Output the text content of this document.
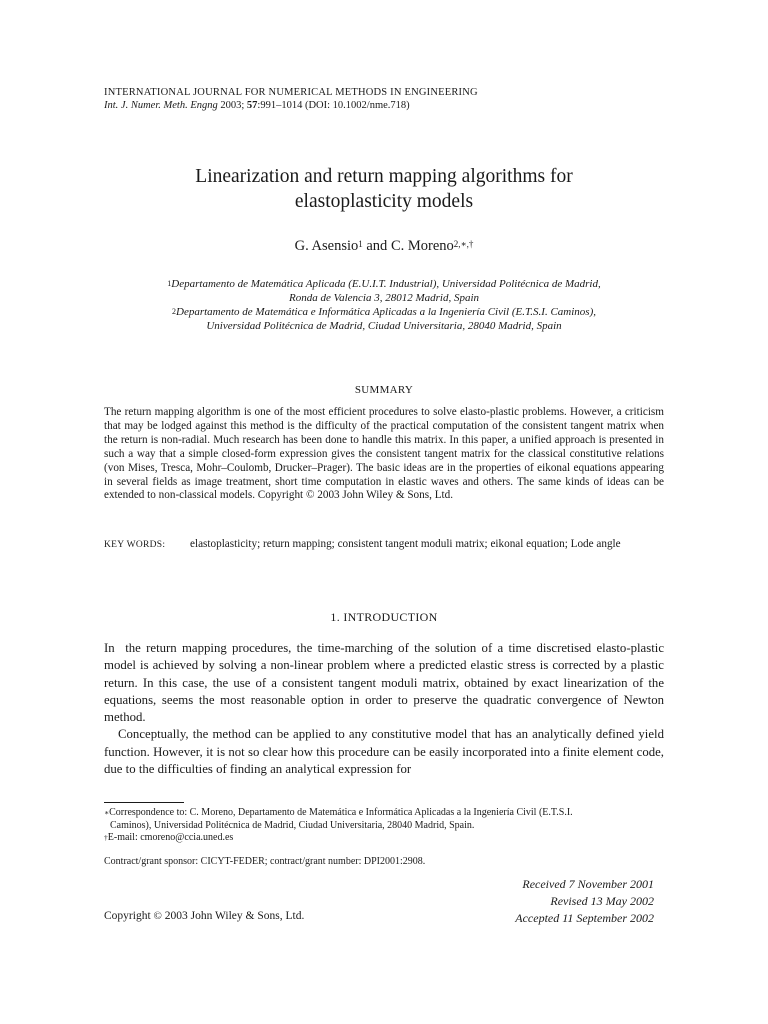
INTERNATIONAL JOURNAL FOR NUMERICAL METHODS IN ENGINEERING
Int. J. Numer. Meth. Engng 2003; 57:991–1014 (DOI: 10.1002/nme.718)
Linearization and return mapping algorithms for
elastoplasticity models
G. Asensio$^1$ and C. Moreno$^{2,∗,\dagger}$
$^1$Departamento de Matemática Aplicada (E.U.I.T. Industrial), Universidad Politécnica de Madrid,
Ronda de Valencia 3, 28012 Madrid, Spain
$^2$Departamento de Matemática e Informática Aplicadas a la Ingeniería Civil (E.T.S.I. Caminos),
Universidad Politécnica de Madrid, Ciudad Universitaria, 28040 Madrid, Spain
SUMMARY
The return mapping algorithm is one of the most efficient procedures to solve elasto-plastic problems. However, a criticism that may be lodged against this method is the difficulty of the practical computation of the consistent tangent matrix when the return is non-radial. Much research has been done to handle this matrix. In this paper, a unified approach is presented in such a way that a simple closed-form expression gives the consistent tangent matrix for the classical constitutive relations (von Mises, Tresca, Mohr–Coulomb, Drucker–Prager). The basic ideas are in the properties of eikonal equations appearing in several fields as image treatment, short time computation in elastic waves and others. The same kinds of ideas can be extended to non-classical models. Copyright © 2003 John Wiley & Sons, Ltd.
KEY WORDS: elastoplasticity; return mapping; consistent tangent moduli matrix; eikonal equation; Lode angle
1. INTRODUCTION

In  the return mapping procedures, the time-marching of the solution of a time discretised elasto-plastic model is achieved by solving a non-linear problem where a predicted elastic stress is corrected by a plastic return. In this case, the use of a consistent tangent moduli matrix, obtained by exact linearization of the equations, seems the most reasonable option in order to preserve the quadratic convergence of Newton method.

Conceptually, the method can be applied to any constitutive model that has an analytically defined yield function. However, it is not so clear how this procedure can be easily incorporated into a finite element code, due to the difficulties of finding an analytical expression for

∗Correspondence to: C. Moreno, Departamento de Matemática e Informática Aplicadas a la Ingeniería Civil (E.T.S.I.

Caminos), Universidad Politécnica de Madrid, Ciudad Universitaria, 28040 Madrid, Spain.

†E-mail: cmoreno@ccia.uned.es

Contract/grant sponsor: CICYT-FEDER; contract/grant number: DPI2001:2908.
Received 7 November 2001
Revised 13 May 2002
Accepted 11 September 2002
Copyright © 2003 John Wiley & Sons, Ltd.
